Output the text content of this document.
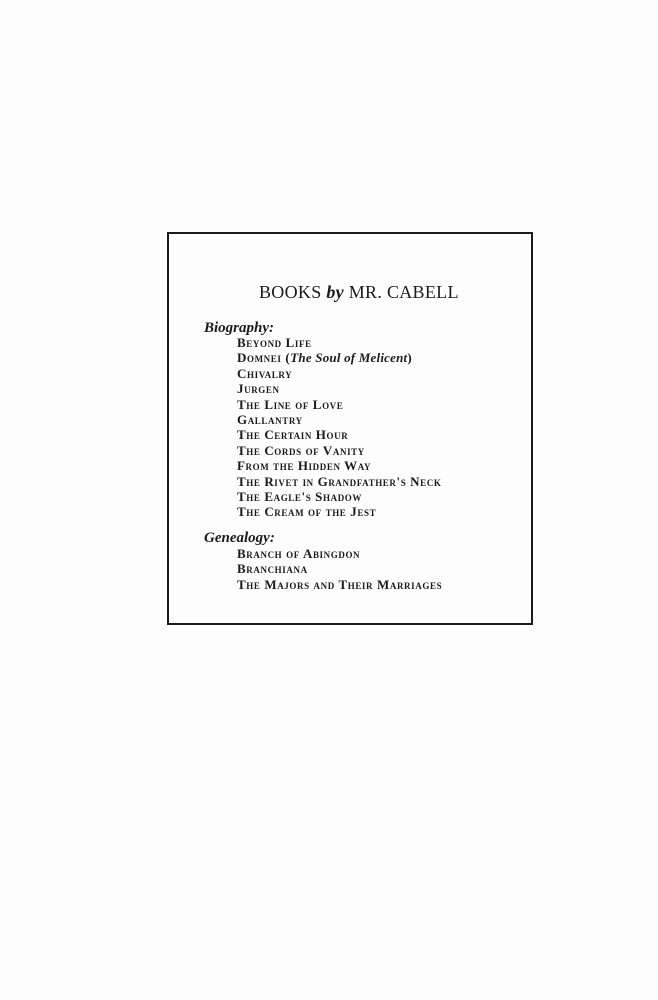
BOOKS by MR. CABELL
Biography:
Beyond Life
Domnei (The Soul of Melicent)
Chivalry
Jurgen
The Line of Love
Gallantry
The Certain Hour
The Cords of Vanity
From the Hidden Way
The Rivet in Grandfather's Neck
The Eagle's Shadow
The Cream of the Jest
Genealogy:
Branch of Abingdon
Branchiana
The Majors and Their Marriages
